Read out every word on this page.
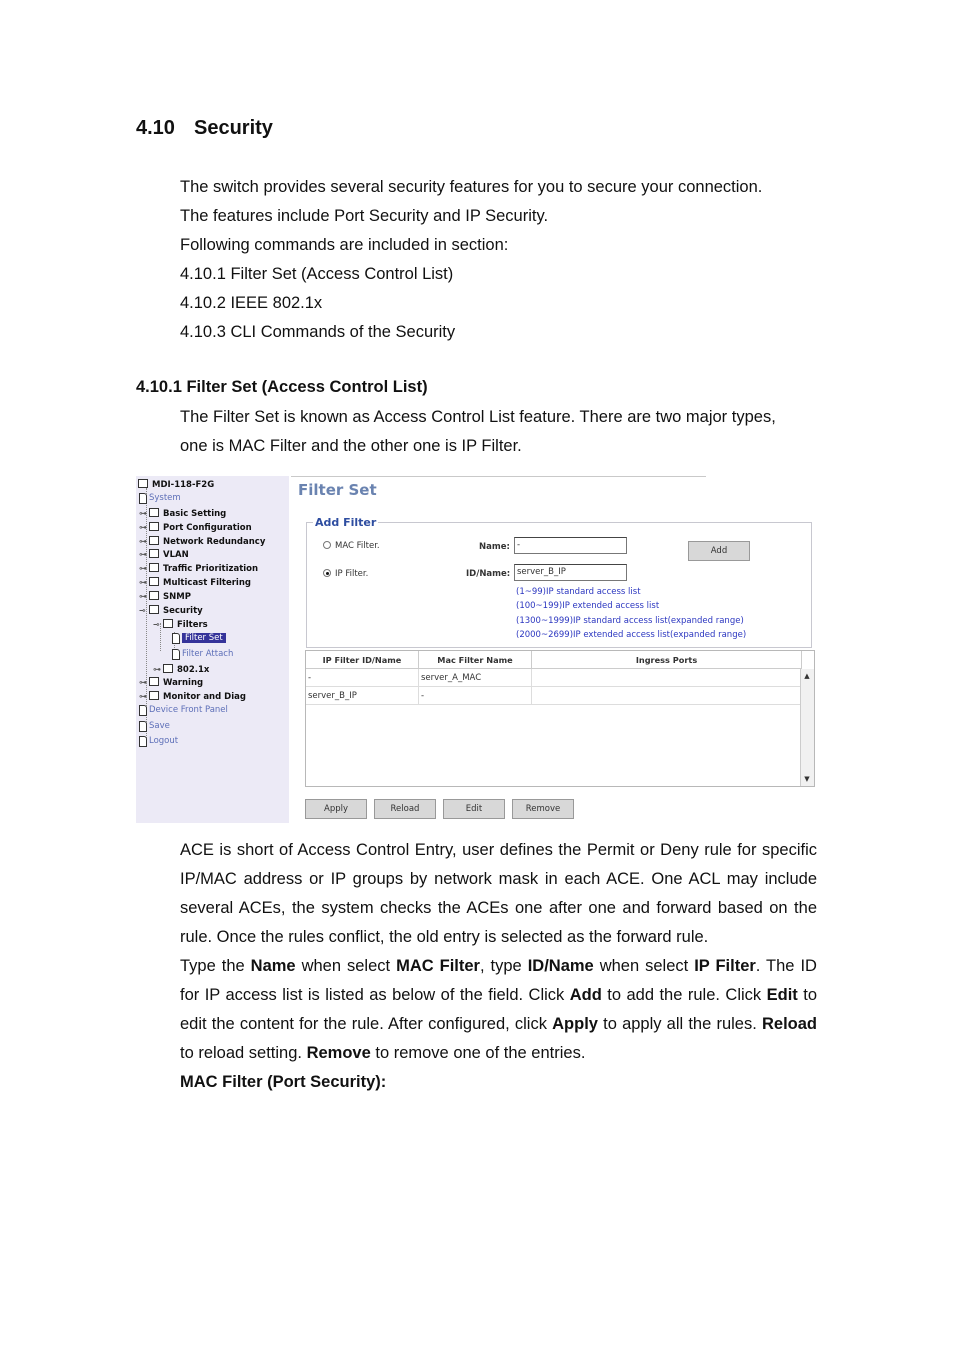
4.10 Security

The switch provides several security features for you to secure your connection.

The features include Port Security and IP Security.

Following commands are included in section:

4.10.1 Filter Set (Access Control List)

4.10.2 IEEE 802.1x

4.10.3 CLI Commands of the Security

4.10.1 Filter Set (Access Control List)

The Filter Set is known as Access Control List feature. There are two major types,

one is MAC Filter and the other one is IP Filter.

MDI-118-F2G
System
⊶ Basic Setting
⊶ Port Configuration
⊶ Network Redundancy
⊶ VLAN
⊶ Traffic Prioritization
⊶ Multicast Filtering
⊶ SNMP
⊸ Security
⊸ Filters
Filter Set
Filter Attach
⊶ 802.1x
⊶ Warning
⊶ Monitor and Diag
Device Front Panel
Save
Logout
Filter Set
Add Filter
MAC Filter.
IP Filter.
Name: -
ID/Name: server_B_IP
Add
(1~99)IP standard access list
(100~199)IP extended access list
(1300~1999)IP standard access list(expanded range)
(2000~2699)IP extended access list(expanded range)
IP Filter ID/Name	Mac Filter Name	Ingress Ports
-	server_A_MAC
server_B_IP	-
▲
▼
Apply	Reload	Edit	Remove

ACE is short of Access Control Entry, user defines the Permit or Deny rule for specific IP/MAC address or IP groups by network mask in each ACE. One ACL may include several ACEs, the system checks the ACEs one after one and forward based on the rule. Once the rules conflict, the old entry is selected as the forward rule.

Type the Name when select MAC Filter, type ID/Name when select IP Filter. The ID for IP access list is listed as below of the field. Click Add to add the rule. Click Edit to edit the content for the rule. After configured, click Apply to apply all the rules. Reload to reload setting. Remove to remove one of the entries.

MAC Filter (Port Security):
